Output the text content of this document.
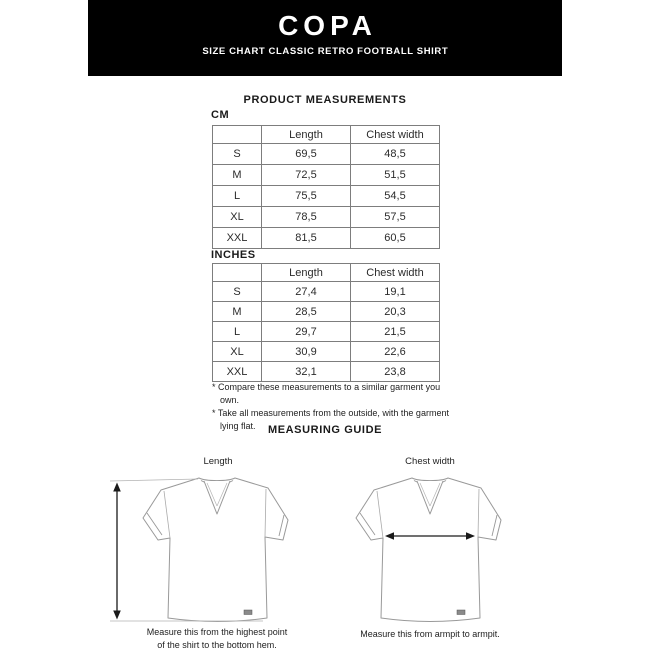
COPA
SIZE CHART CLASSIC RETRO FOOTBALL SHIRT
PRODUCT MEASUREMENTS
CM
	Length	Chest width
S	69,5	48,5
M	72,5	51,5
L	75,5	54,5
XL	78,5	57,5
XXL	81,5	60,5
INCHES
	Length	Chest width
S	27,4	19,1
M	28,5	20,3
L	29,7	21,5
XL	30,9	22,6
XXL	32,1	23,8
* Compare these measurements to a similar garment you own.
* Take all measurements from the outside, with the garment lying flat.	MEASURING GUIDE
Length	Chest width
Measure this from the highest point of the shirt to the bottom hem.
Measure this from armpit to armpit.
